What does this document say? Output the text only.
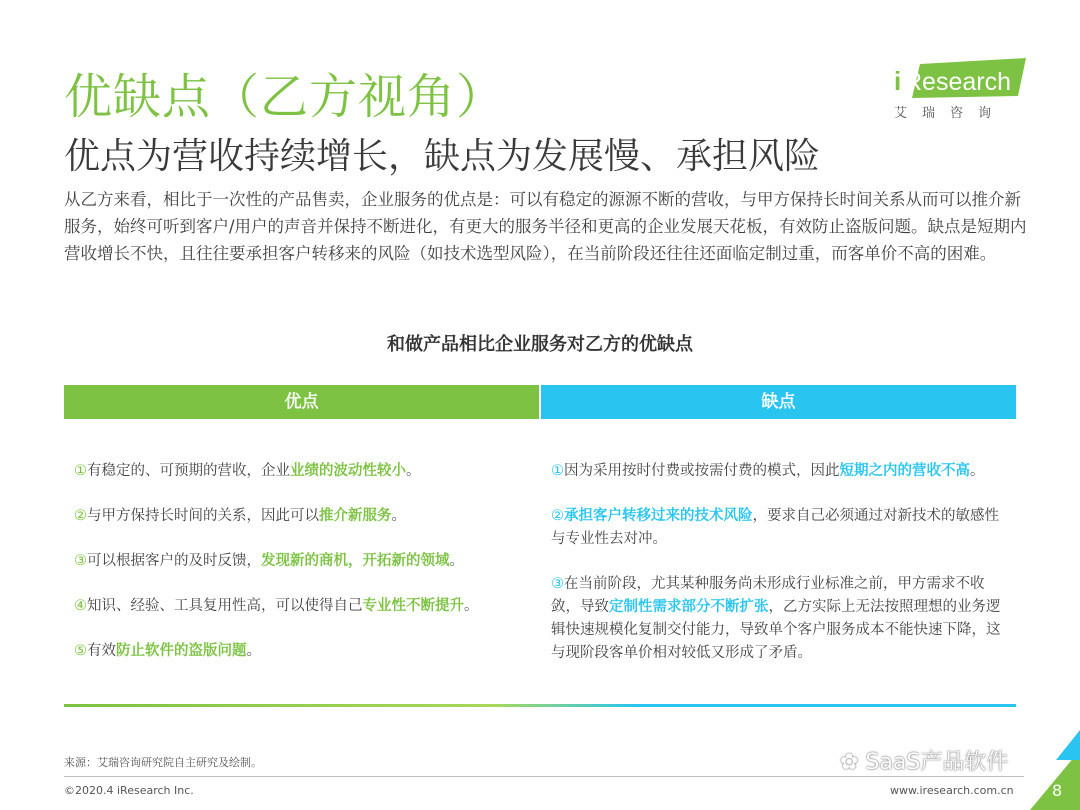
优缺点（乙方视角）
优点为营收持续增长，缺点为发展慢、承担风险
i Research
艾瑞咨询
从乙方来看，相比于一次性的产品售卖，企业服务的优点是：可以有稳定的源源不断的营收，与甲方保持长时间关系从而可以推介新服务，始终可听到客户/用户的声音并保持不断进化，有更大的服务半径和更高的企业发展天花板，有效防止盗版问题。缺点是短期内营收增长不快，且往往要承担客户转移来的风险（如技术选型风险），在当前阶段还往往还面临定制过重，而客单价不高的困难。
和做产品相比企业服务对乙方的优缺点
优点	缺点
①有稳定的、可预期的营收，企业业绩的波动性较小。
②与甲方保持长时间的关系，因此可以推介新服务。
③可以根据客户的及时反馈，发现新的商机，开拓新的领域。
④知识、经验、工具复用性高，可以使得自己专业性不断提升。
⑤有效防止软件的盗版问题。
①因为采用按时付费或按需付费的模式，因此短期之内的营收不高。
②承担客户转移过来的技术风险，要求自己必须通过对新技术的敏感性与专业性去对冲。
③在当前阶段，尤其某种服务尚未形成行业标准之前，甲方需求不收敛，导致定制性需求部分不断扩张，乙方实际上无法按照理想的业务逻辑快速规模化复制交付能力，导致单个客户服务成本不能快速下降，这与现阶段客单价相对较低又形成了矛盾。
来源：艾瑞咨询研究院自主研究及绘制。
©2020.4 iResearch Inc.	www.iresearch.com.cn
✿ SaaS产品软件
8
